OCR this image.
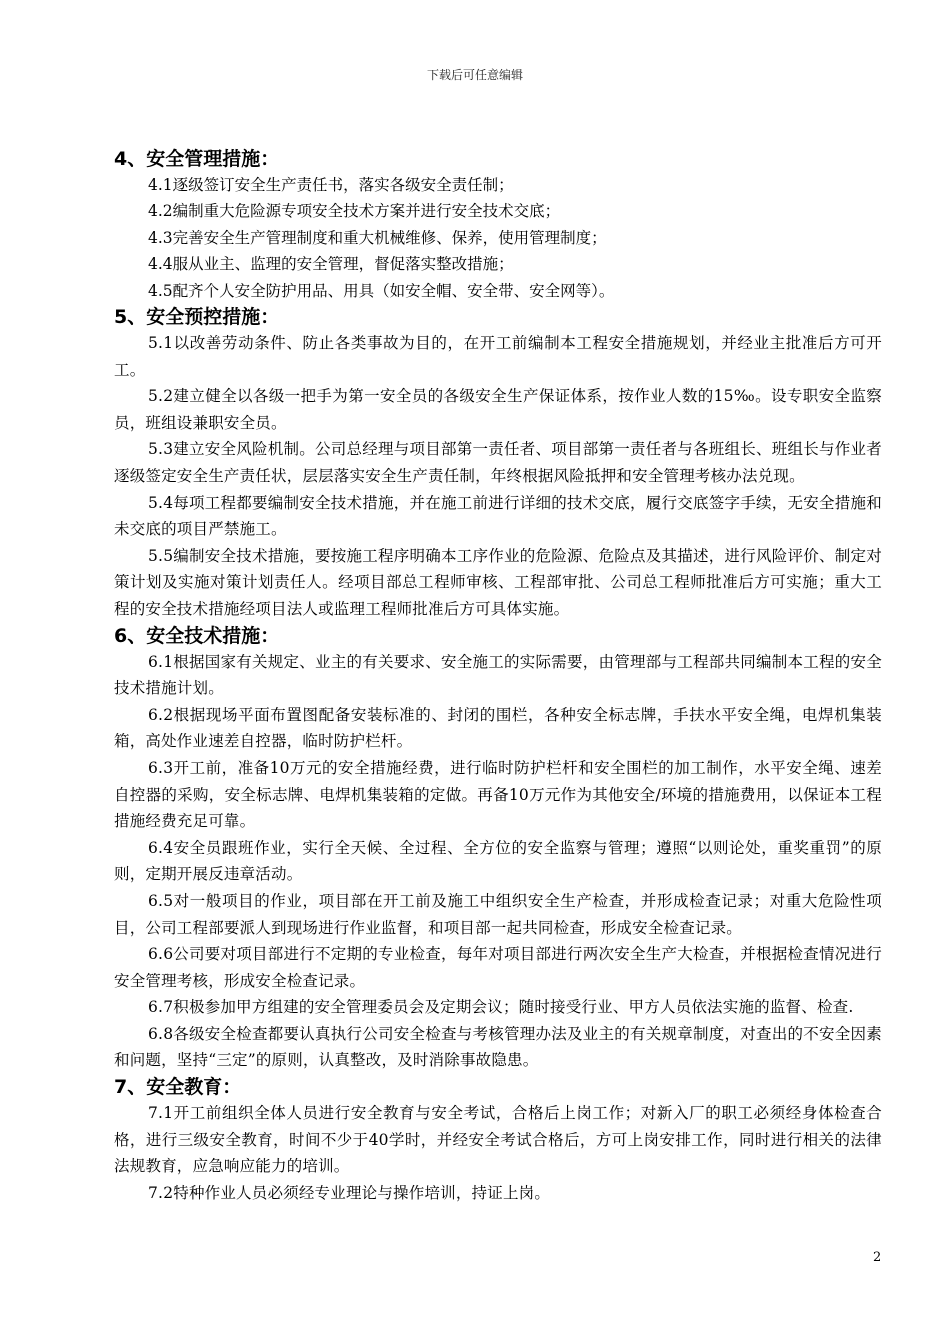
下载后可任意编辑

4、安全管理措施：

4.1逐级签订安全生产责任书，落实各级安全责任制；

4.2编制重大危险源专项安全技术方案并进行安全技术交底；

4.3完善安全生产管理制度和重大机械维修、保养，使用管理制度；

4.4服从业主、监理的安全管理，督促落实整改措施；

4.5配齐个人安全防护用品、用具（如安全帽、安全带、安全网等）。

5、安全预控措施：

5.1以改善劳动条件、防止各类事故为目的，在开工前编制本工程安全措施规划，并经业主批准后方可开工。

5.2建立健全以各级一把手为第一安全员的各级安全生产保证体系，按作业人数的15‰。设专职安全监察员，班组设兼职安全员。

5.3建立安全风险机制。公司总经理与项目部第一责任者、项目部第一责任者与各班组长、班组长与作业者逐级签定安全生产责任状，层层落实安全生产责任制，年终根据风险抵押和安全管理考核办法兑现。

5.4每项工程都要编制安全技术措施，并在施工前进行详细的技术交底，履行交底签字手续，无安全措施和未交底的项目严禁施工。

5.5编制安全技术措施，要按施工程序明确本工序作业的危险源、危险点及其描述，进行风险评价、制定对策计划及实施对策计划责任人。经项目部总工程师审核、工程部审批、公司总工程师批准后方可实施；重大工程的安全技术措施经项目法人或监理工程师批准后方可具体实施。

6、安全技术措施：

6.1根据国家有关规定、业主的有关要求、安全施工的实际需要，由管理部与工程部共同编制本工程的安全技术措施计划。

6.2根据现场平面布置图配备安装标准的、封闭的围栏，各种安全标志牌，手扶水平安全绳，电焊机集装箱，高处作业速差自控器，临时防护栏杆。

6.3开工前，准备10万元的安全措施经费，进行临时防护栏杆和安全围栏的加工制作，水平安全绳、速差自控器的采购，安全标志牌、电焊机集装箱的定做。再备10万元作为其他安全/环境的措施费用，以保证本工程措施经费充足可靠。

6.4安全员跟班作业，实行全天候、全过程、全方位的安全监察与管理；遵照“以则论处，重奖重罚”的原则，定期开展反违章活动。

6.5对一般项目的作业，项目部在开工前及施工中组织安全生产检查，并形成检查记录；对重大危险性项目，公司工程部要派人到现场进行作业监督，和项目部一起共同检查，形成安全检查记录。

6.6公司要对项目部进行不定期的专业检查，每年对项目部进行两次安全生产大检查，并根据检查情况进行安全管理考核，形成安全检查记录。

6.7积极参加甲方组建的安全管理委员会及定期会议；随时接受行业、甲方人员依法实施的监督、检查.

6.8各级安全检查都要认真执行公司安全检查与考核管理办法及业主的有关规章制度，对查出的不安全因素和问题，坚持“三定”的原则，认真整改，及时消除事故隐患。

7、安全教育：

7.1开工前组织全体人员进行安全教育与安全考试，合格后上岗工作；对新入厂的职工必须经身体检查合格，进行三级安全教育，时间不少于40学时，并经安全考试合格后，方可上岗安排工作，同时进行相关的法律法规教育，应急响应能力的培训。

7.2特种作业人员必须经专业理论与操作培训，持证上岗。

2
